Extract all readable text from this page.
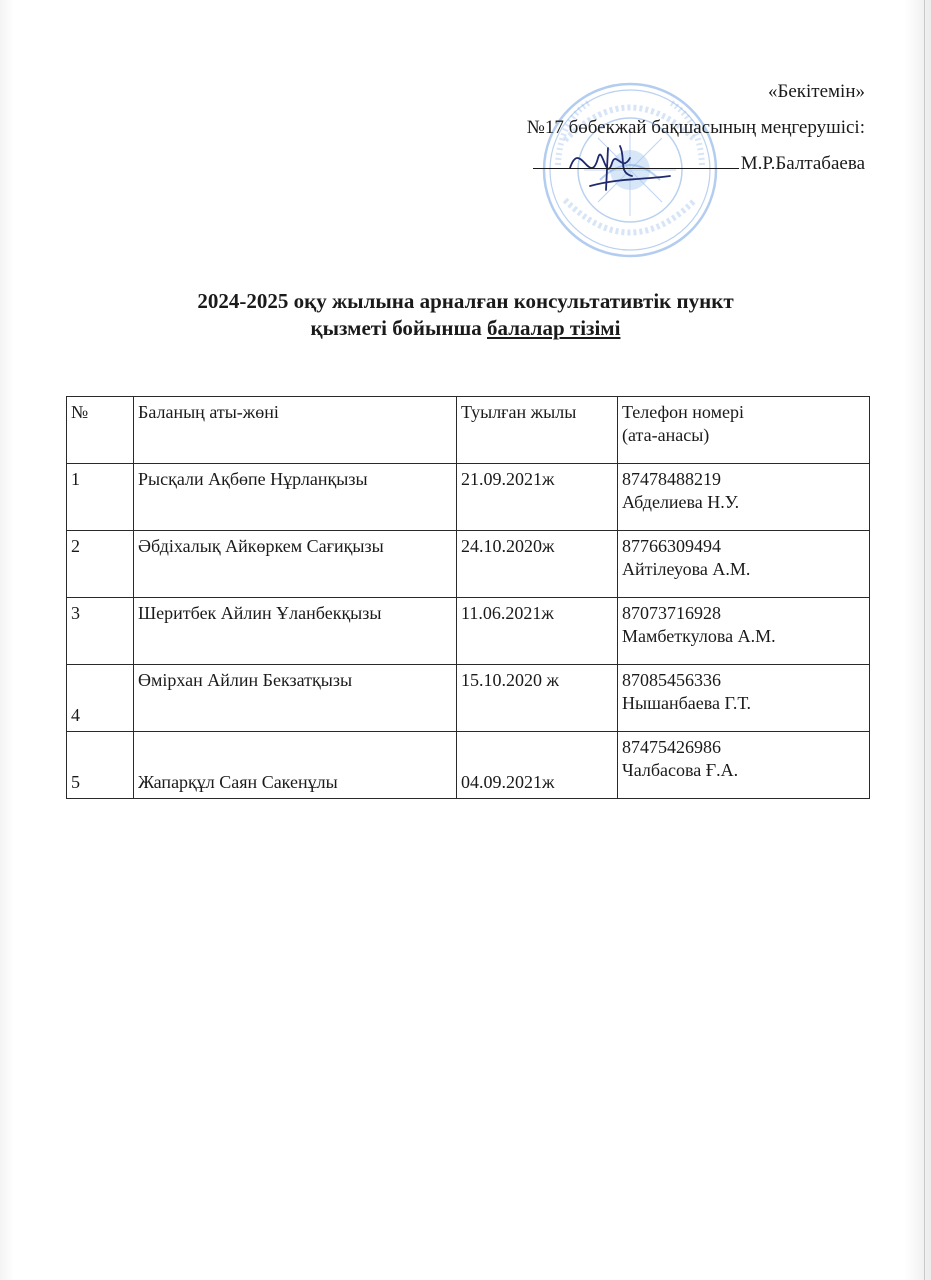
«Бекітемін»
№17 бөбекжай бақшасының меңгерушісі:
М.Р.Балтабаева
2024-2025 оқу жылына арналған консультативтік пункт
қызметі бойынша балалар тізімі
№	Баланың аты-жөні	Туылған жылы	Телефон номері
(ата-анасы)

1	Рысқали Ақбөпе Нұрланқызы	21.09.2021ж	87478488219
Абделиева Н.У.

2	Әбдіхалық Айкөркем Сағиқызы	24.10.2020ж	87766309494
Айтілеуова А.М.

3	Шеритбек Айлин Ұланбекқызы	11.06.2021ж	87073716928
Мамбеткулова А.М.

4	Өмірхан Айлин Бекзатқызы	15.10.2020 ж	87085456336
Нышанбаева Г.Т.

5	Жапарқұл Саян Сакенұлы	04.09.2021ж	87475426986
Чалбасова Ғ.А.
